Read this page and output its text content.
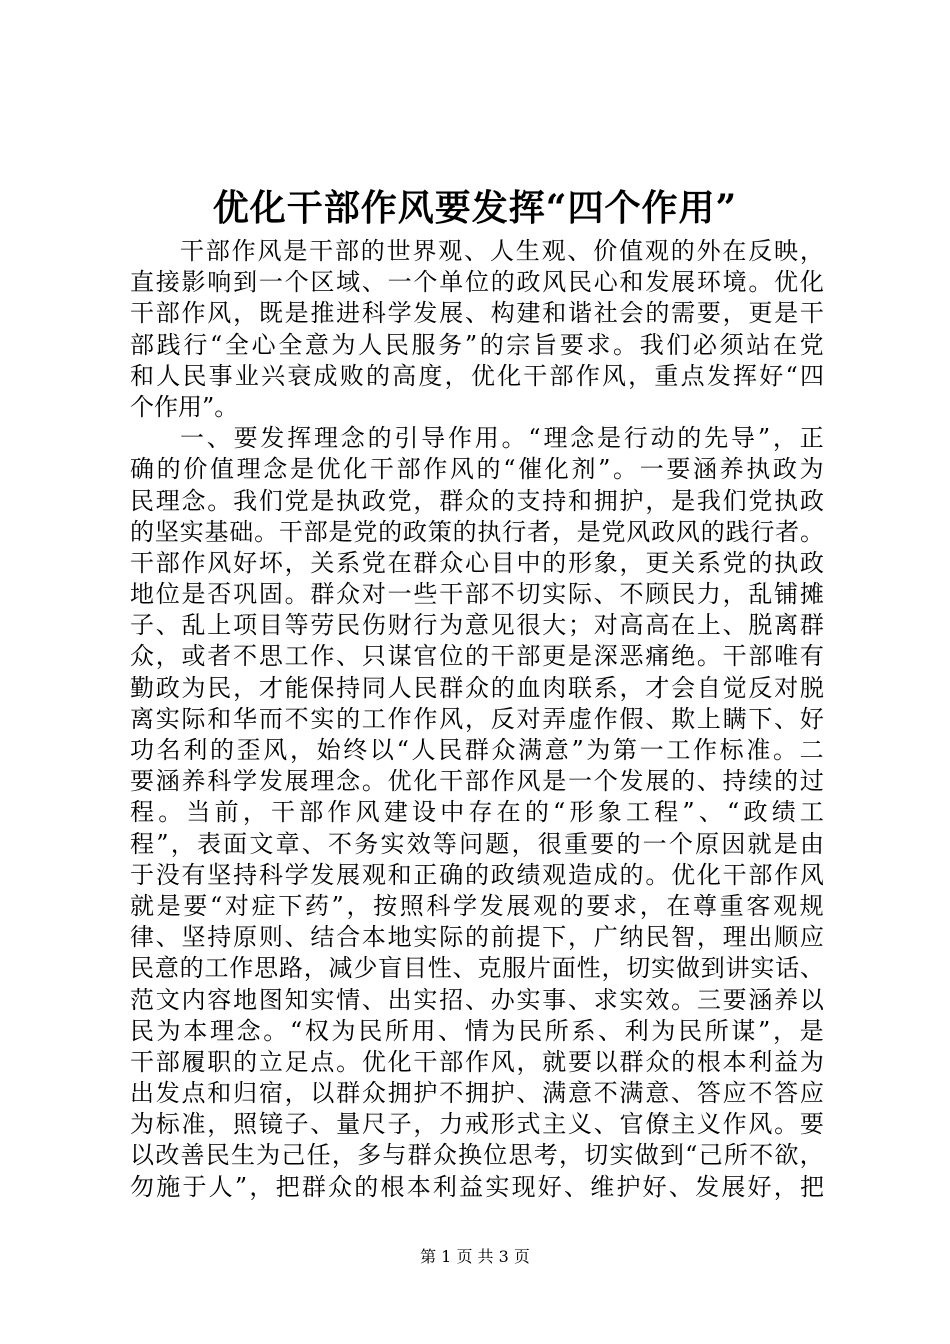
优化干部作风要发挥“四个作用”
干 部 作 风 是 干 部 的 世 界 观 、 人 生 观 、 价 值 观 的 外 在 反 映 ，
直 接 影 响 到 一 个 区 域 、 一 个 单 位 的 政 风 民 心 和 发 展 环 境 。 优 化
干 部 作 风 ， 既 是 推 进 科 学 发 展 、 构 建 和 谐 社 会 的 需 要 ， 更 是 干
部 践 行 “ 全 心 全 意 为 人 民 服 务 ” 的 宗 旨 要 求 。 我 们 必 须 站 在 党
和 人 民 事 业 兴 衰 成 败 的 高 度 ， 优 化 干 部 作 风 ， 重 点 发 挥 好 “ 四
个作用”。
一 、 要 发 挥 理 念 的 引 导 作 用 。 “ 理 念 是 行 动 的 先 导 ” ， 正
确 的 价 值 理 念 是 优 化 干 部 作 风 的 “ 催 化 剂 ” 。 一 要 涵 养 执 政 为
民 理 念 。 我 们 党 是 执 政 党 ， 群 众 的 支 持 和 拥 护 ， 是 我 们 党 执 政
的 坚 实 基 础 。 干 部 是 党 的 政 策 的 执 行 者 ， 是 党 风 政 风 的 践 行 者 。
干 部 作 风 好 坏 ， 关 系 党 在 群 众 心 目 中 的 形 象 ， 更 关 系 党 的 执 政
地 位 是 否 巩 固 。 群 众 对 一 些 干 部 不 切 实 际 、 不 顾 民 力 ， 乱 铺 摊
子 、 乱 上 项 目 等 劳 民 伤 财 行 为 意 见 很 大 ； 对 高 高 在 上 、 脱 离 群
众 ， 或 者 不 思 工 作 、 只 谋 官 位 的 干 部 更 是 深 恶 痛 绝 。 干 部 唯 有
勤 政 为 民 ， 才 能 保 持 同 人 民 群 众 的 血 肉 联 系 ， 才 会 自 觉 反 对 脱
离 实 际 和 华 而 不 实 的 工 作 作 风 ， 反 对 弄 虚 作 假 、 欺 上 瞒 下 、 好
功 名 利 的 歪 风 ， 始 终 以 “ 人 民 群 众 满 意 ” 为 第 一 工 作 标 准 。 二
要 涵 养 科 学 发 展 理 念 。 优 化 干 部 作 风 是 一 个 发 展 的 、 持 续 的 过
程 。 当 前 ， 干 部 作 风 建 设 中 存 在 的 “ 形 象 工 程 ” 、 “ 政 绩 工
程 ” ， 表 面 文 章 、 不 务 实 效 等 问 题 ， 很 重 要 的 一 个 原 因 就 是 由
于 没 有 坚 持 科 学 发 展 观 和 正 确 的 政 绩 观 造 成 的 。 优 化 干 部 作 风
就 是 要 “ 对 症 下 药 ” ， 按 照 科 学 发 展 观 的 要 求 ， 在 尊 重 客 观 规
律 、 坚 持 原 则 、 结 合 本 地 实 际 的 前 提 下 ， 广 纳 民 智 ， 理 出 顺 应
民 意 的 工 作 思 路 ， 减 少 盲 目 性 、 克 服 片 面 性 ， 切 实 做 到 讲 实 话 、
范 文 内 容 地 图 知 实 情 、 出 实 招 、 办 实 事 、 求 实 效 。 三 要 涵 养 以
民 为 本 理 念 。 “ 权 为 民 所 用 、 情 为 民 所 系 、 利 为 民 所 谋 ” ， 是
干 部 履 职 的 立 足 点 。 优 化 干 部 作 风 ， 就 要 以 群 众 的 根 本 利 益 为
出 发 点 和 归 宿 ， 以 群 众 拥 护 不 拥 护 、 满 意 不 满 意 、 答 应 不 答 应
为 标 准 ， 照 镜 子 、 量 尺 子 ， 力 戒 形 式 主 义 、 官 僚 主 义 作 风 。 要
以 改 善 民 生 为 己 任 ， 多 与 群 众 换 位 思 考 ， 切 实 做 到 “ 己 所 不 欲 ，
勿 施 于 人 ” ， 把 群 众 的 根 本 利 益 实 现 好 、 维 护 好 、 发 展 好 ， 把
第 1 页 共 3 页
